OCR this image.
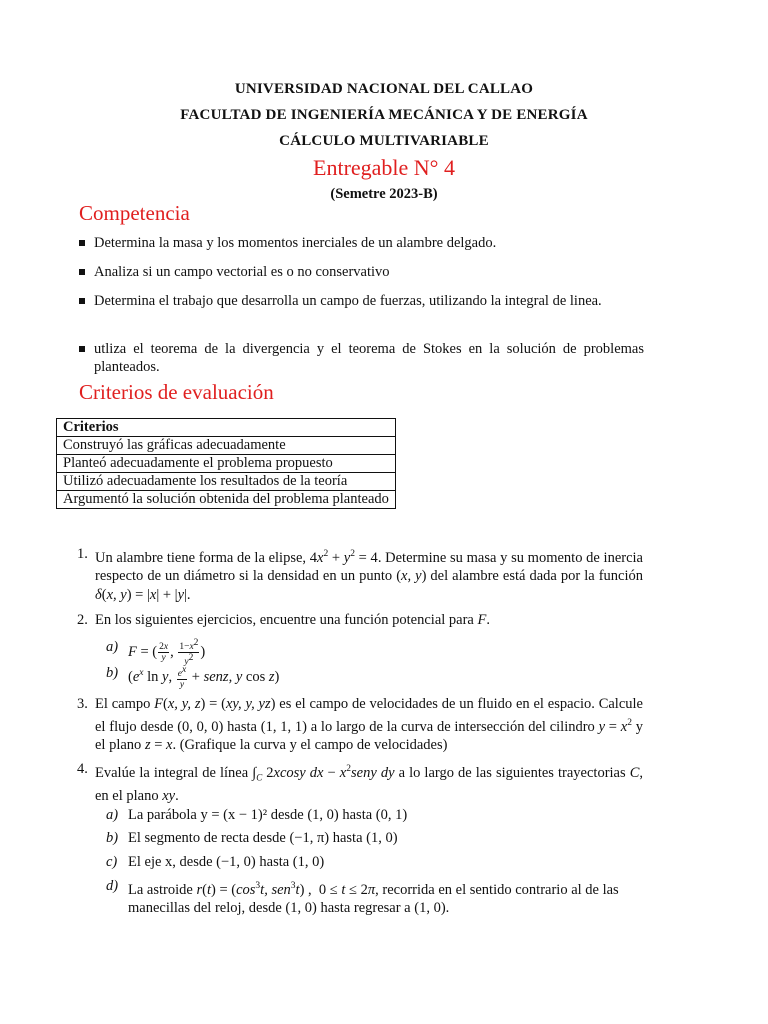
UNIVERSIDAD NACIONAL DEL CALLAO
FACULTAD DE INGENIERÍA MECÁNICA Y DE ENERGÍA
CÁLCULO MULTIVARIABLE
Entregable N° 4
(Semetre 2023-B)
Competencia
Determina la masa y los momentos inerciales de un alambre delgado.
Analiza si un campo vectorial es o no conservativo
Determina el trabajo que desarrolla un campo de fuerzas, utilizando la integral de linea.
utliza el teorema de la divergencia y el teorema de Stokes en la solución de problemas planteados.
Criterios de evaluación
Criterios
Construyó las gráficas adecuadamente
Planteó adecuadamente el problema propuesto
Utilizó adecuadamente los resultados de la teoría
Argumentó la solución obtenida del problema planteado
1. Un alambre tiene forma de la elipse, $4x^2 + y^2 = 4$. Determine su masa y su momento de inercia respecto de un diámetro si la densidad en un punto (x, y) del alambre está dada por la función δ(x, y) = |x| + |y|.
2. En los siguientes ejercicios, encuentre una función potencial para F.
a) F = ( $\frac{2x}{y}$ , $\frac{1-x^2}{y^2}$ )
b) ($e^x$ ln y, $\frac{e^x}{y}$ + senz, y cos z)
3. El campo F(x, y, z) = (xy, y, yz) es el campo de velocidades de un fluido en el espacio. Calcule el flujo desde (0, 0, 0) hasta (1, 1, 1) a lo largo de la curva de intersección del cilindro $y = x^2$ y el plano z = x. (Grafique la curva y el campo de velocidades)
4. Evalúe la integral de línea $\int_C$ 2xcosy dx − $x^2seny$ dy a lo largo de las siguientes trayectorias C, en el plano xy.
a) La parábola y = (x − 1)² desde (1, 0) hasta (0, 1)
b) El segmento de recta desde (−1, π) hasta (1, 0)
c) El eje x, desde (−1, 0) hasta (1, 0)
d) La astroide $r(t) = (\cos^3t$, sen$^3$t) ,  0 ≤ t ≤ 2π, recorrida en el sentido contrario al de las manecillas del reloj, desde (1, 0) hasta regresar a (1, 0).
